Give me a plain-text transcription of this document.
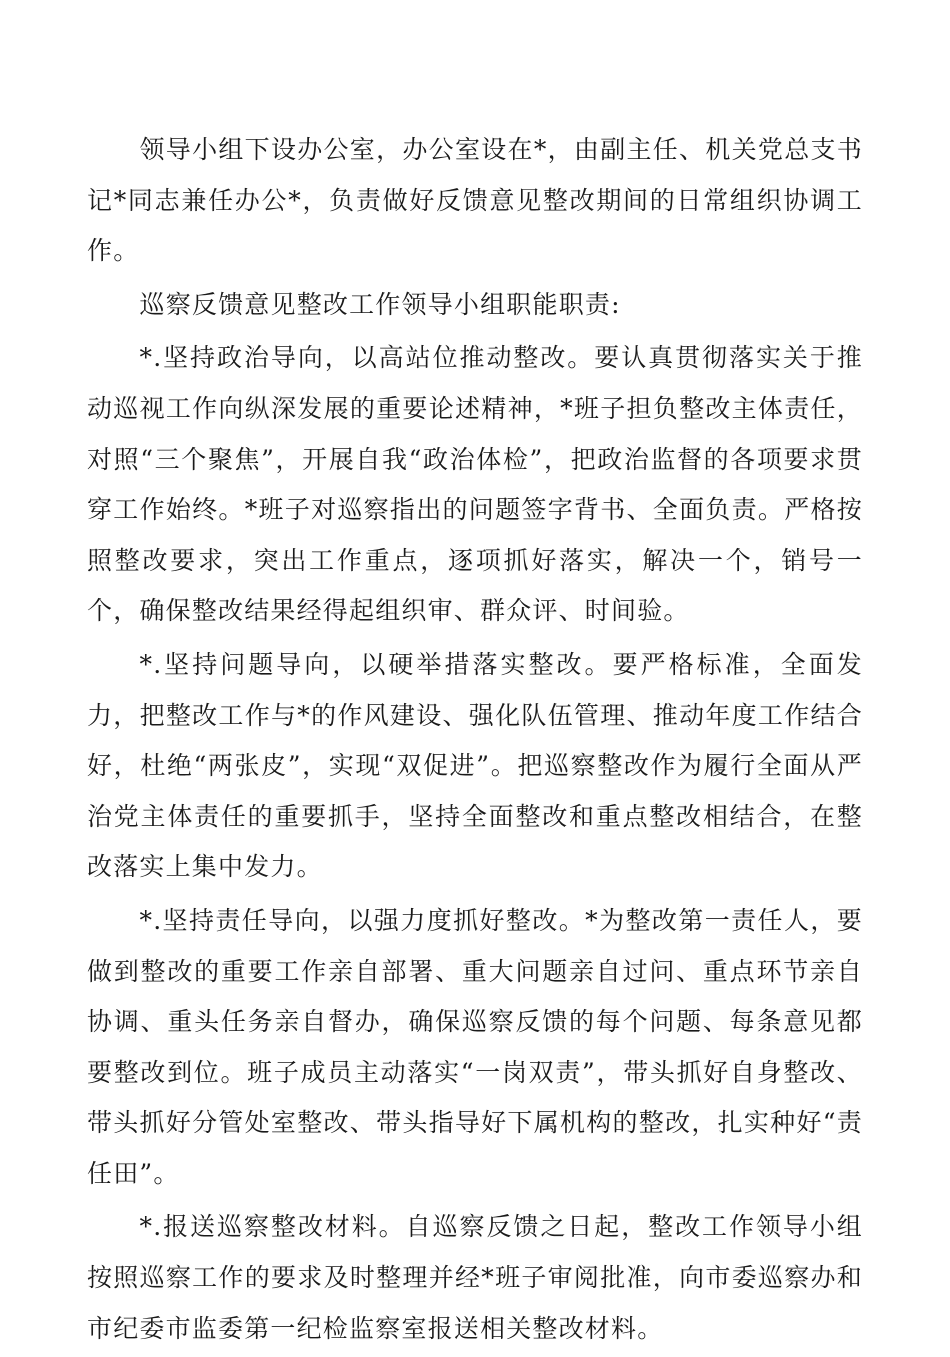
领导小组下设办公室，办公室设在*，由副主任、机关党总支书记*同志兼任办公*，负责做好反馈意见整改期间的日常组织协调工作。

巡察反馈意见整改工作领导小组职能职责:

*.坚持政治导向，以高站位推动整改。要认真贯彻落实关于推动巡视工作向纵深发展的重要论述精神，*班子担负整改主体责任，对照“三个聚焦”，开展自我“政治体检”，把政治监督的各项要求贯穿工作始终。*班子对巡察指出的问题签字背书、全面负责。严格按照整改要求，突出工作重点，逐项抓好落实，解决一个，销号一个，确保整改结果经得起组织审、群众评、时间验。

*.坚持问题导向，以硬举措落实整改。要严格标准，全面发力，把整改工作与*的作风建设、强化队伍管理、推动年度工作结合好，杜绝“两张皮”，实现“双促进”。把巡察整改作为履行全面从严治党主体责任的重要抓手，坚持全面整改和重点整改相结合，在整改落实上集中发力。

*.坚持责任导向，以强力度抓好整改。*为整改第一责任人，要做到整改的重要工作亲自部署、重大问题亲自过问、重点环节亲自协调、重头任务亲自督办，确保巡察反馈的每个问题、每条意见都要整改到位。班子成员主动落实“一岗双责”，带头抓好自身整改、带头抓好分管处室整改、带头指导好下属机构的整改，扎实种好“责任田”。

*.报送巡察整改材料。自巡察反馈之日起，整改工作领导小组按照巡察工作的要求及时整理并经*班子审阅批准，向市委巡察办和市纪委市监委第一纪检监察室报送相关整改材料。
